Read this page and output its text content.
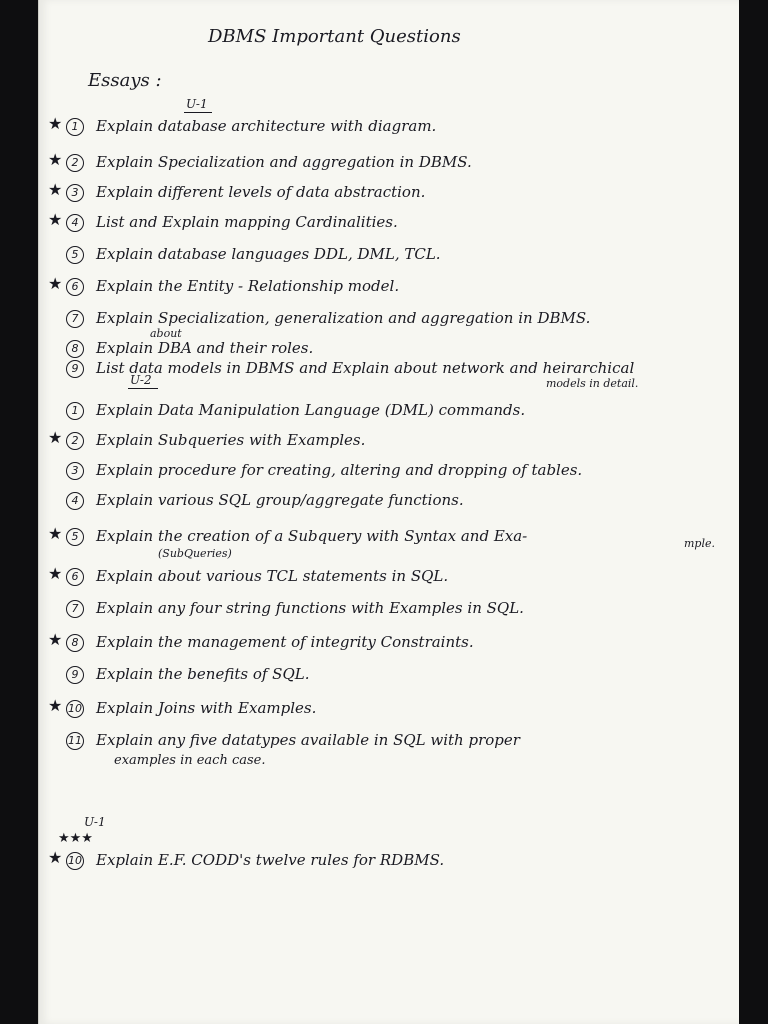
DBMS Important Questions
Essays :
U-1
★ 1	Explain database architecture with diagram.
★ 2	Explain Specialization and aggregation in DBMS.
★ 3	Explain different levels of data abstraction.
★ 4	List and Explain mapping Cardinalities.
5	Explain database languages DDL, DML, TCL.
★ 6	Explain the Entity - Relationship model.
7	Explain Specialization, generalization and aggregation in DBMS.
8	Explain DBA and their roles.
9	List data models in DBMS and Explain about network and heirarchical
about
models in detail.
U-2
1	Explain Data Manipulation Language (DML) commands.
★ 2	Explain Subqueries with Examples.
3	Explain procedure for creating, altering and dropping of tables.
4	Explain various SQL group/aggregate functions.
★ 5	Explain the creation of a Subquery with Syntax and Exa-
★ 6	Explain about various TCL statements in SQL.
7	Explain any four string functions with Examples in SQL.
★ 8	Explain the management of integrity Constraints.
9	Explain the benefits of SQL.
★ 10 Explain Joins with Examples.
11 Explain any five datatypes available in SQL with proper
(SubQueries)
mple.
examples in each case.
U-1
★★★
★ 10 Explain E.F. CODD's twelve rules for RDBMS.
